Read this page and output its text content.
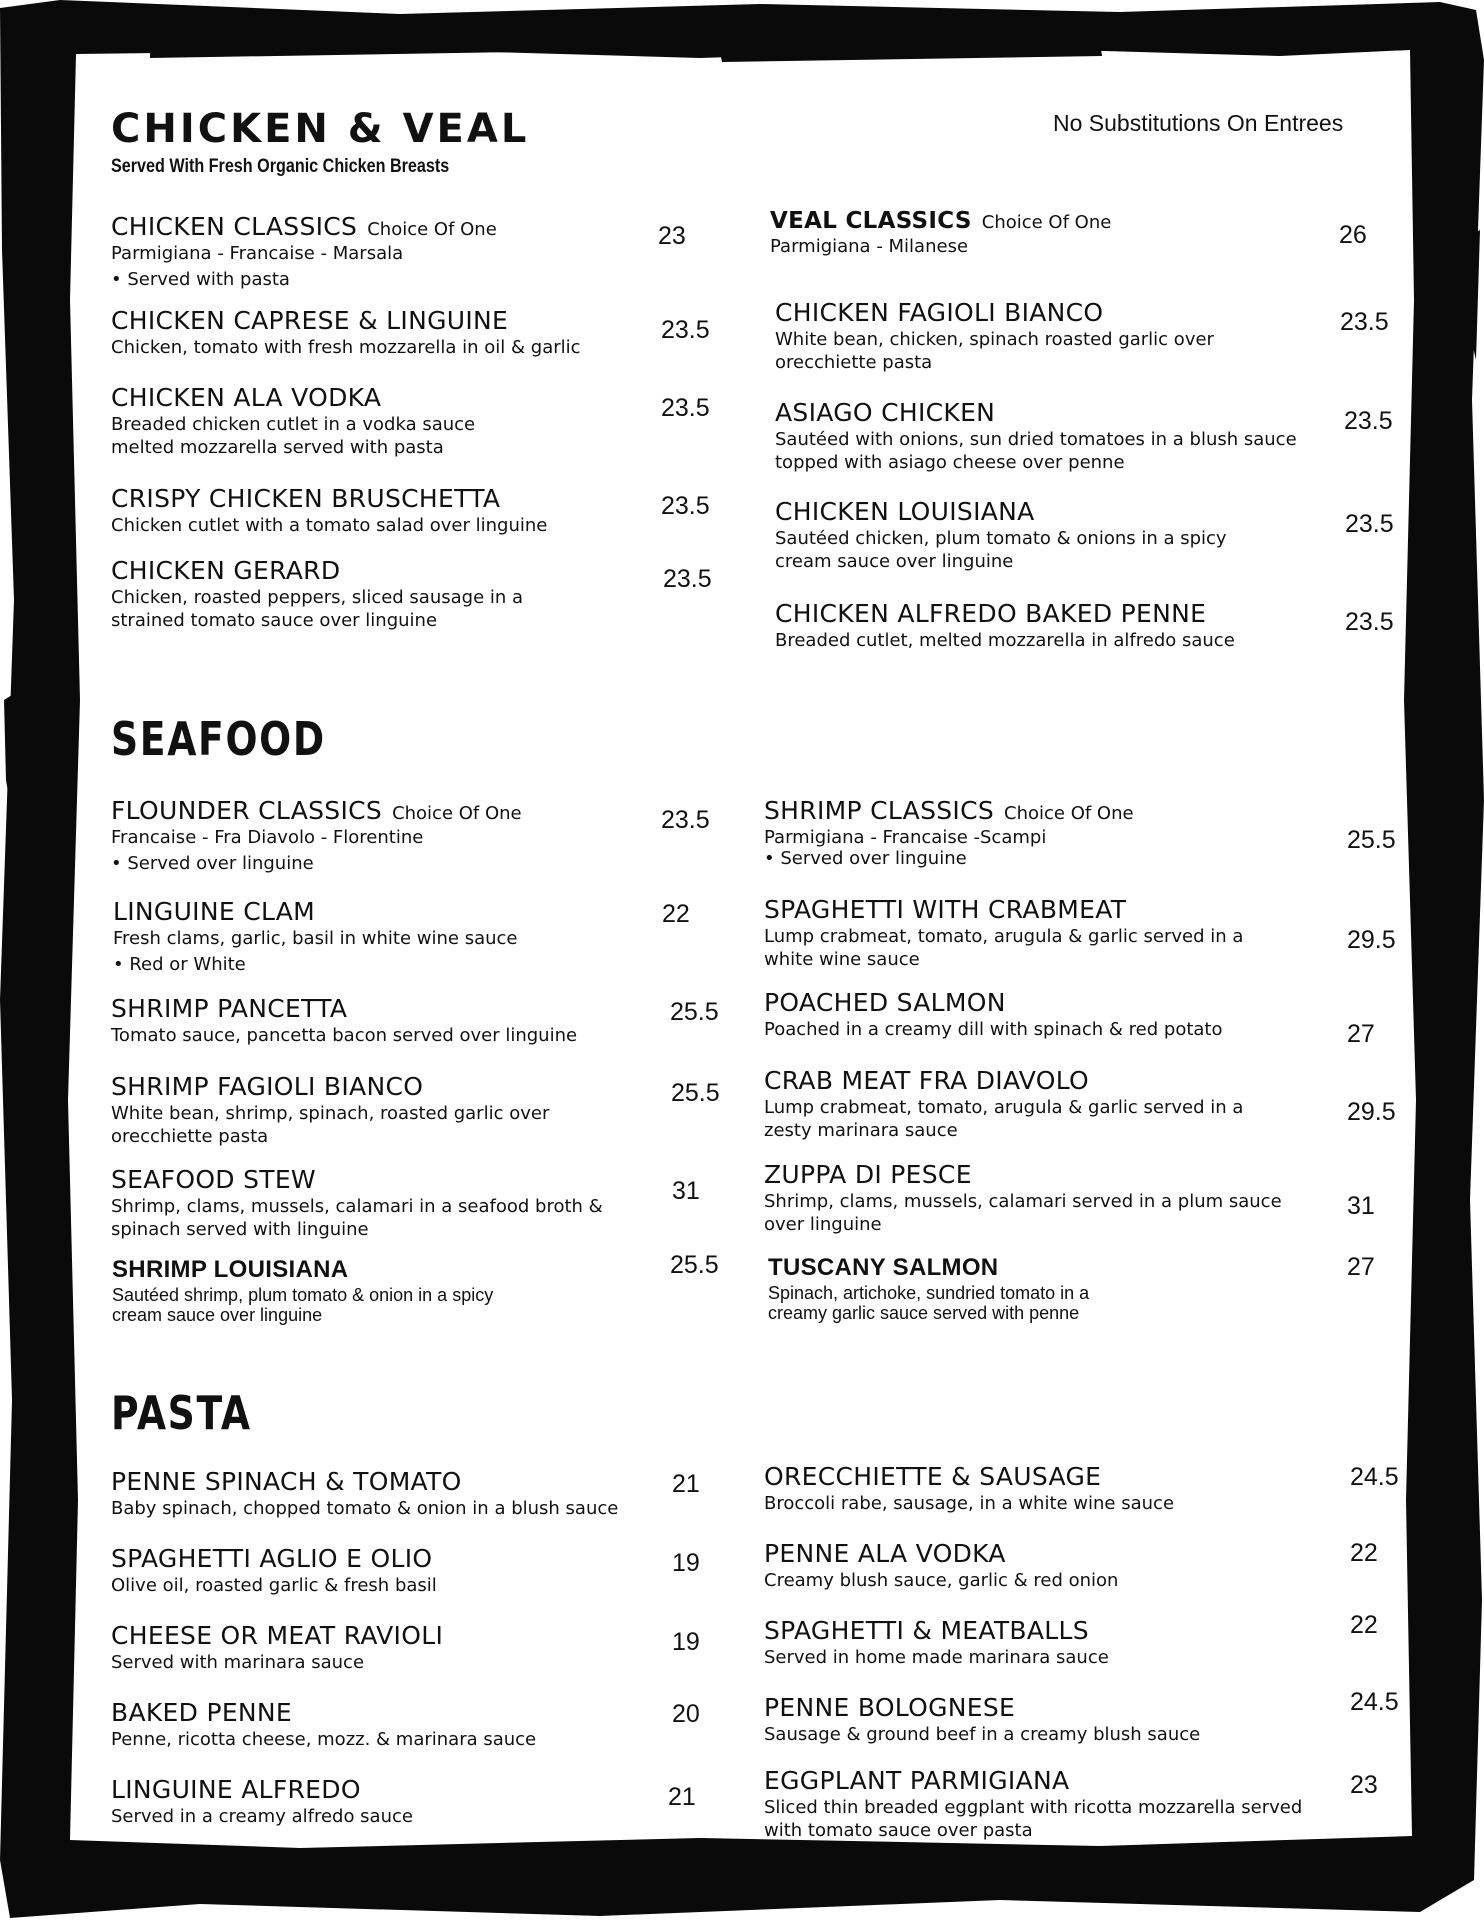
CHICKEN & VEAL
Served With Fresh Organic Chicken Breasts
No Substitutions On Entrees
CHICKEN CLASSICS Choice Of One
Parmigiana - Francaise - Marsala
• Served with pasta
23
CHICKEN CAPRESE & LINGUINE
Chicken, tomato with fresh mozzarella in oil & garlic
23.5
CHICKEN ALA VODKA
Breaded chicken cutlet in a vodka sauce melted mozzarella served with pasta
23.5
CRISPY CHICKEN BRUSCHETTA
Chicken cutlet with a tomato salad over linguine
23.5
CHICKEN GERARD
Chicken, roasted peppers, sliced sausage in a strained tomato sauce over linguine
23.5
VEAL CLASSICS Choice Of One
Parmigiana - Milanese	26
CHICKEN FAGIOLI BIANCO
White bean, chicken, spinach roasted garlic over orecchiette pasta
23.5
ASIAGO CHICKEN
Sautéed with onions, sun dried tomatoes in a blush sauce topped with asiago cheese over penne
23.5
CHICKEN LOUISIANA
Sautéed chicken, plum tomato & onions in a spicy cream sauce over linguine
23.5
CHICKEN ALFREDO BAKED PENNE
Breaded cutlet, melted mozzarella in alfredo sauce
23.5
SEAFOOD
FLOUNDER CLASSICS Choice Of One
Francaise - Fra Diavolo - Florentine
• Served over linguine
23.5
LINGUINE CLAM
Fresh clams, garlic, basil in white wine sauce
• Red or White
22
SHRIMP PANCETTA
Tomato sauce, pancetta bacon served over linguine
25.5
SHRIMP FAGIOLI BIANCO
White bean, shrimp, spinach, roasted garlic over orecchiette pasta
25.5
SEAFOOD STEW
Shrimp, clams, mussels, calamari in a seafood broth & spinach served with linguine
31
SHRIMP LOUISIANA
Sautéed shrimp, plum tomato & onion in a spicy cream sauce over linguine
25.5
SHRIMP CLASSICS Choice Of One
Parmigiana - Francaise -Scampi
• Served over linguine
25.5
SPAGHETTI WITH CRABMEAT
Lump crabmeat, tomato, arugula & garlic served in a white wine sauce
29.5
POACHED SALMON
Poached in a creamy dill with spinach & red potato	27
CRAB MEAT FRA DIAVOLO
Lump crabmeat, tomato, arugula & garlic served in a zesty marinara sauce
29.5
ZUPPA DI PESCE
Shrimp, clams, mussels, calamari served in a plum sauce over linguine
31
TUSCANY SALMON
Spinach, artichoke, sundried tomato in a creamy garlic sauce served with penne
27
PASTA
PENNE SPINACH & TOMATO
Baby spinach, chopped tomato & onion in a blush sauce
21
SPAGHETTI AGLIO E OLIO
Olive oil, roasted garlic & fresh basil
19
CHEESE OR MEAT RAVIOLI
Served with marinara sauce
19
BAKED PENNE
Penne, ricotta cheese, mozz. & marinara sauce
20
LINGUINE ALFREDO
Served in a creamy alfredo sauce
21
ORECCHIETTE & SAUSAGE
Broccoli rabe, sausage, in a white wine sauce
24.5
PENNE ALA VODKA
Creamy blush sauce, garlic & red onion
22
SPAGHETTI & MEATBALLS
Served in home made marinara sauce
22
PENNE BOLOGNESE
Sausage & ground beef in a creamy blush sauce
24.5
EGGPLANT PARMIGIANA
Sliced thin breaded eggplant with ricotta mozzarella served with tomato sauce over pasta
23
